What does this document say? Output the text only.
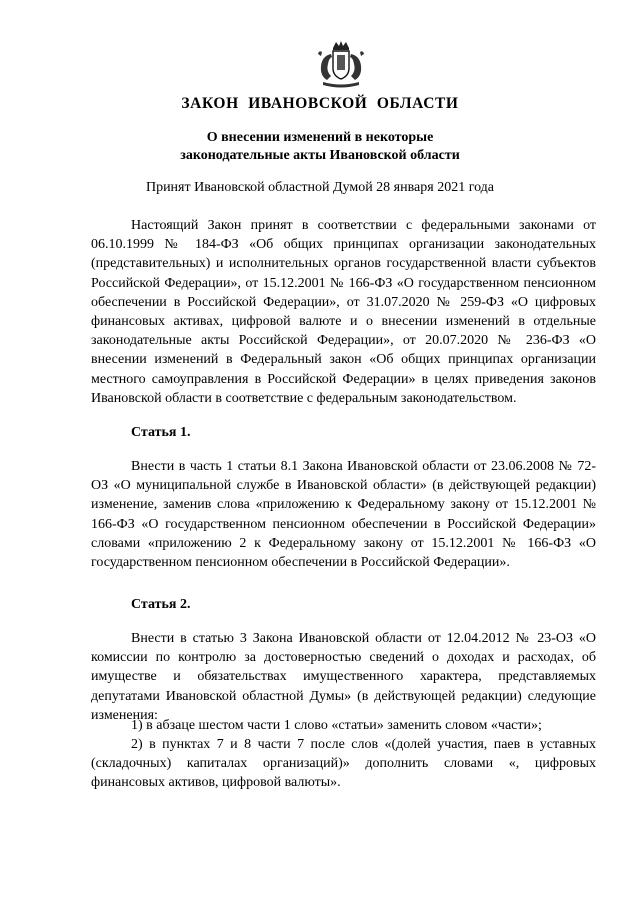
ЗАКОН ИВАНОВСКОЙ ОБЛАСТИ
О внесении изменений в некоторые
законодательные акты Ивановской области

Принят Ивановской областной Думой 28 января 2021 года

Настоящий Закон принят в соответствии с федеральными законами от 06.10.1999 № 184-ФЗ «Об общих принципах организации законодательных (представительных) и исполнительных органов государственной власти субъектов Российской Федерации», от 15.12.2001 № 166-ФЗ «О государственном пенсионном обеспечении в Российской Федерации», от 31.07.2020 № 259-ФЗ «О цифровых финансовых активах, цифровой валюте и о внесении изменений в отдельные законодательные акты Российской Федерации», от 20.07.2020 № 236-ФЗ «О внесении изменений в Федеральный закон «Об общих принципах организации местного самоуправления в Российской Федерации» в целях приведения законов Ивановской области в соответствие с федеральным законодательством.

Статья 1.

Внести в часть 1 статьи 8.1 Закона Ивановской области от 23.06.2008 № 72-ОЗ «О муниципальной службе в Ивановской области» (в действующей редакции) изменение, заменив слова «приложению к Федеральному закону от 15.12.2001 № 166-ФЗ «О государственном пенсионном обеспечении в Российской Федерации» словами «приложению 2 к Федеральному закону от 15.12.2001 № 166-ФЗ «О государственном пенсионном обеспечении в Российской Федерации».

Статья 2.

Внести в статью 3 Закона Ивановской области от 12.04.2012 № 23-ОЗ «О комиссии по контролю за достоверностью сведений о доходах и расходах, об имуществе и обязательствах имущественного характера, представляемых депутатами Ивановской областной Думы» (в действующей редакции) следующие изменения:

1) в абзаце шестом части 1 слово «статьи» заменить словом «части»;

2) в пунктах 7 и 8 части 7 после слов «(долей участия, паев в уставных (складочных) капиталах организаций)» дополнить словами «, цифровых финансовых активов, цифровой валюты».
